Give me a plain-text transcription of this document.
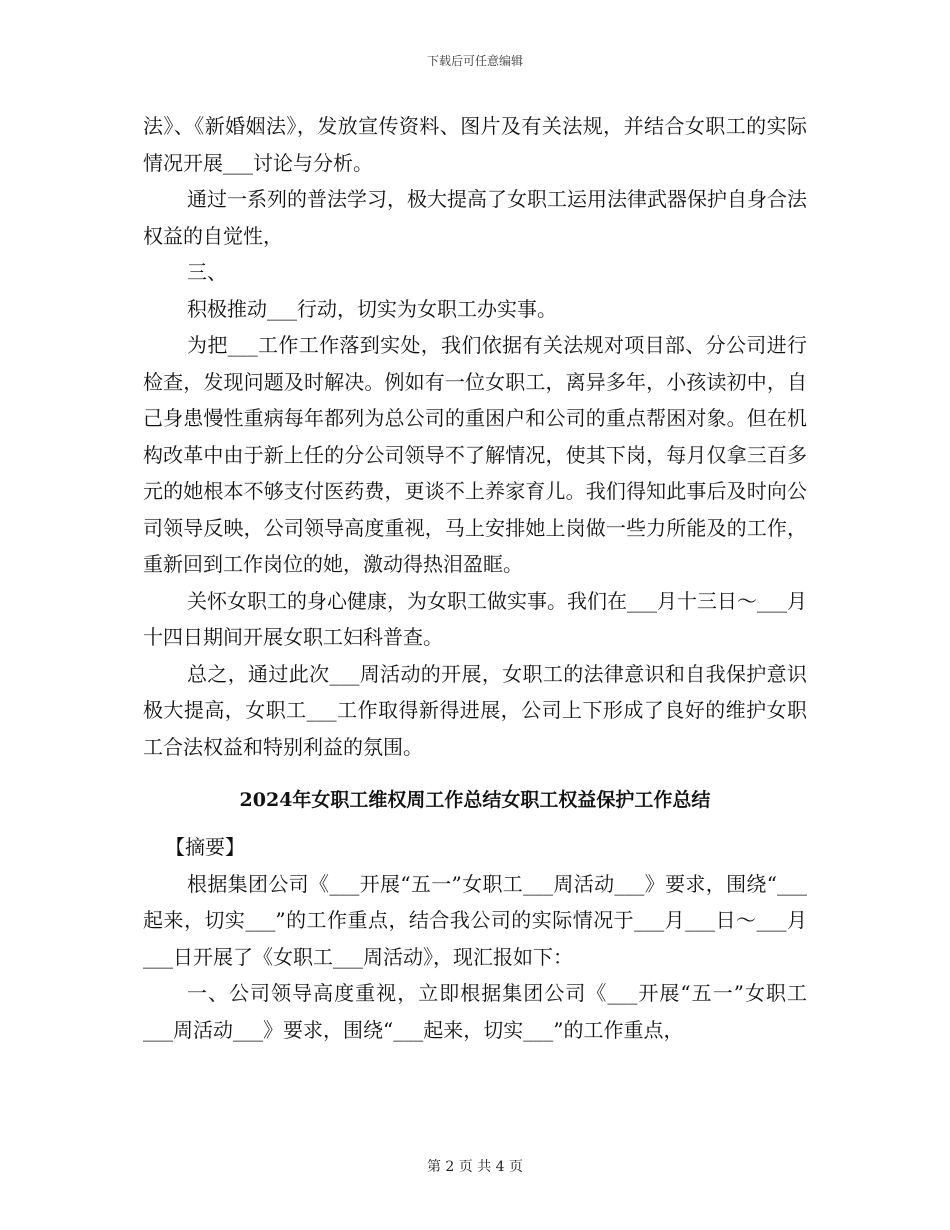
下载后可任意编辑

法》、《新婚姻法》，发放宣传资料、图片及有关法规，并结合女职工的实际情况开展___讨论与分析。

通过一系列的普法学习，极大提高了女职工运用法律武器保护自身合法权益的自觉性，

三、

积极推动___行动，切实为女职工办实事。

为把___工作工作落到实处，我们依据有关法规对项目部、分公司进行检查，发现问题及时解决。例如有一位女职工，离异多年，小孩读初中，自己身患慢性重病每年都列为总公司的重困户和公司的重点帮困对象。但在机构改革中由于新上任的分公司领导不了解情况，使其下岗，每月仅拿三百多元的她根本不够支付医药费，更谈不上养家育儿。我们得知此事后及时向公司领导反映，公司领导高度重视，马上安排她上岗做一些力所能及的工作，重新回到工作岗位的她，激动得热泪盈眶。

关怀女职工的身心健康，为女职工做实事。我们在___月十三日～___月十四日期间开展女职工妇科普查。

总之，通过此次___周活动的开展，女职工的法律意识和自我保护意识极大提高，女职工___工作取得新得进展，公司上下形成了良好的维护女职工合法权益和特别利益的氛围。

2024年女职工维权周工作总结女职工权益保护工作总结

【摘要】

根据集团公司《___开展“五一”女职工___周活动___》要求，围绕“___起来，切实___”的工作重点，结合我公司的实际情况于___月___日～___月___日开展了《女职工___周活动》，现汇报如下：

一、公司领导高度重视，立即根据集团公司《___开展“五一”女职工___周活动___》要求，围绕“___起来，切实___”的工作重点，

第 2 页 共 4 页
